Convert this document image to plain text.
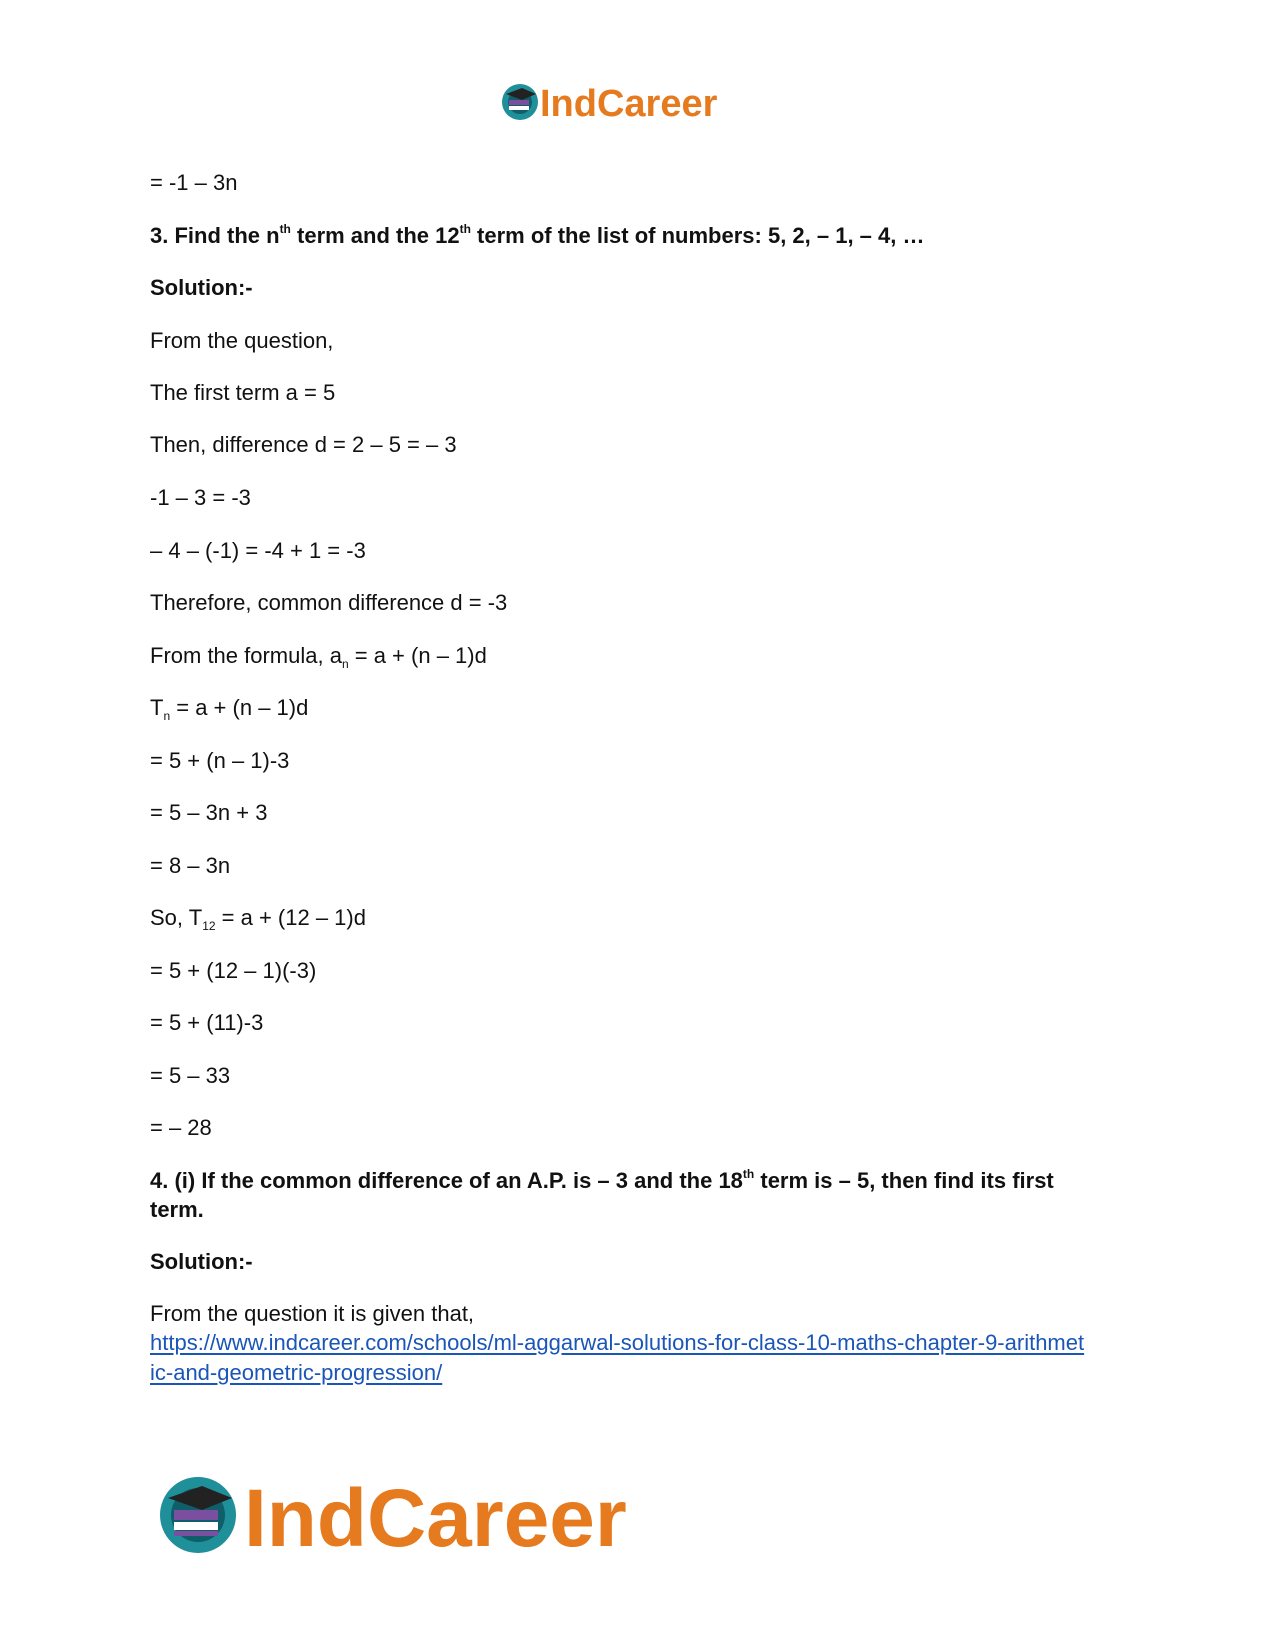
IndCareer
= -1 – 3n
3. Find the $n^{th}$ term and the 12th term of the list of numbers: 5, 2, – 1, – 4, …
Solution:-
From the question,
The first term a = 5
Then, difference d = 2 – 5 = – 3
-1 – 3 = -3
– 4 – (-1) = -4 + 1 = -3
Therefore, common difference d = -3
From the formula, $a_n = a + (n - 1)d$
$T_n = a + (n - 1)d$
= 5 + (n – 1)-3
= 5 – 3n + 3
= 8 – 3n
So, $T_{12} = a + (12 - 1)d$
= 5 + (12 – 1)(-3)
= 5 + (11)-3
= 5 – 33
= – 28
4. (i) If the common difference of an A.P. is – 3 and the 18th term is – 5, then find its first
term.
Solution:-
From the question it is given that,
https://www.indcareer.com/schools/ml-aggarwal-solutions-for-class-10-maths-chapter-9-arithmet
ic-and-geometric-progression/
IndCareer
